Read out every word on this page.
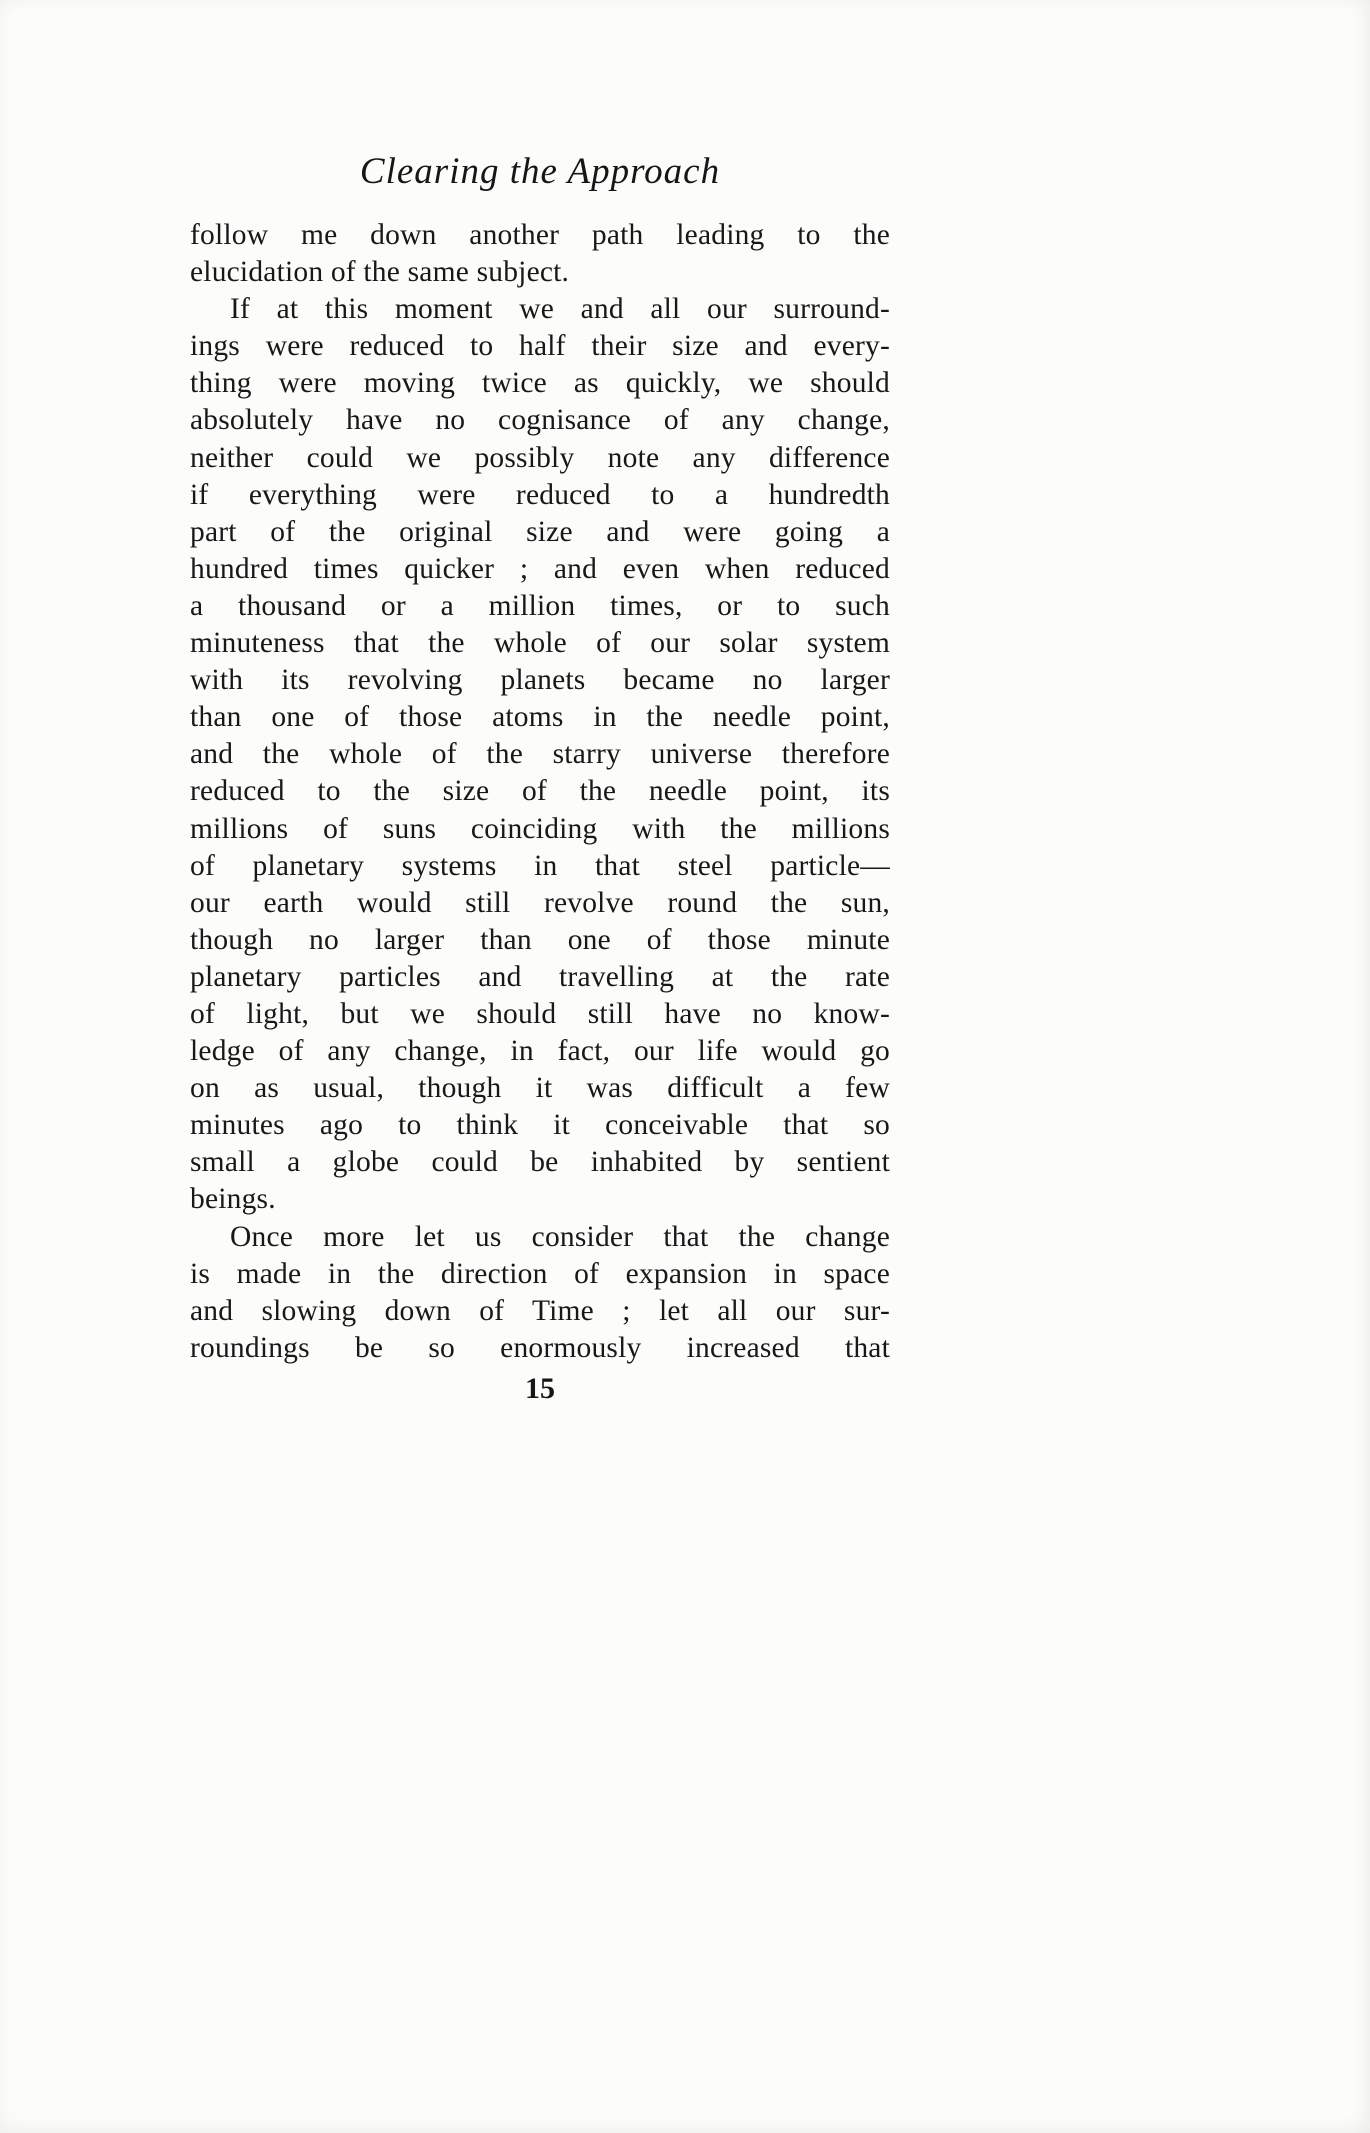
Clearing the Approach
follow me down another path leading to the
elucidation of the same subject.
If at this moment we and all our surround-
ings were reduced to half their size and every-
thing were moving twice as quickly, we should
absolutely have no cognisance of any change,
neither could we possibly note any difference
if everything were reduced to a hundredth
part of the original size and were going a
hundred times quicker ; and even when reduced
a thousand or a million times, or to such
minuteness that the whole of our solar system
with its revolving planets became no larger
than one of those atoms in the needle point,
and the whole of the starry universe therefore
reduced to the size of the needle point, its
millions of suns coinciding with the millions
of planetary systems in that steel particle—
our earth would still revolve round the sun,
though no larger than one of those minute
planetary particles and travelling at the rate
of light, but we should still have no know-
ledge of any change, in fact, our life would go
on as usual, though it was difficult a few
minutes ago to think it conceivable that so
small a globe could be inhabited by sentient
beings.
Once more let us consider that the change
is made in the direction of expansion in space
and slowing down of Time ; let all our sur-
roundings be so enormously increased that
15
